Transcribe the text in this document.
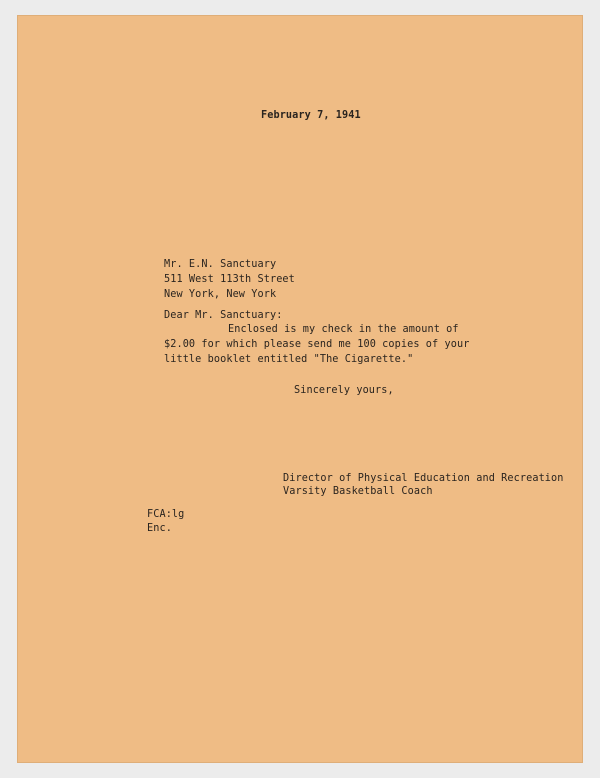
February 7, 1941
Mr. E.N. Sanctuary
511 West 113th Street
New York, New York
Dear Mr. Sanctuary:
Enclosed is my check in the amount of
$2.00 for which please send me 100 copies of your
little booklet entitled "The Cigarette."
Sincerely yours,
Director of Physical Education and Recreation
Varsity Basketball Coach
FCA:lg
Enc.
